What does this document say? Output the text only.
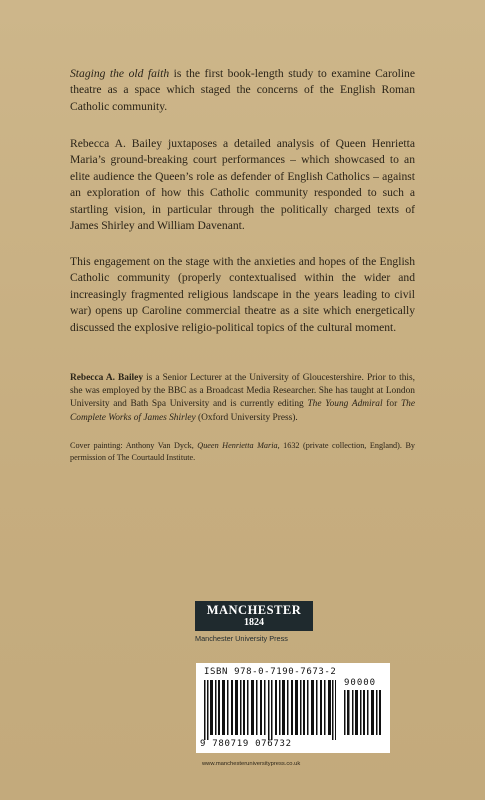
Staging the old faith is the first book-length study to examine Caroline theatre as a space which staged the concerns of the English Roman Catholic community.

Rebecca A. Bailey juxtaposes a detailed analysis of Queen Henrietta Maria’s ground-breaking court performances – which showcased to an elite audience the Queen’s role as defender of English Catholics – against an exploration of how this Catholic community responded to such a startling vision, in particular through the politically charged texts of James Shirley and William Davenant.

This engagement on the stage with the anxieties and hopes of the English Catholic community (properly contextualised within the wider and increasingly fragmented religious landscape in the years leading to civil war) opens up Caroline commercial theatre as a site which energetically discussed the explosive religio-political topics of the cultural moment.

Rebecca A. Bailey is a Senior Lecturer at the University of Gloucestershire. Prior to this, she was employed by the BBC as a Broadcast Media Researcher. She has taught at London University and Bath Spa University and is currently editing The Young Admiral for The Complete Works of James Shirley (Oxford University Press).

Cover painting: Anthony Van Dyck, Queen Henrietta Maria, 1632 (private collection, England). By permission of The Courtauld Institute.

MANCHESTER
1824
Manchester University Press
ISBN 978-0-7190-7673-2
90000
9 780719 076732
www.manchesteruniversitypress.co.uk
